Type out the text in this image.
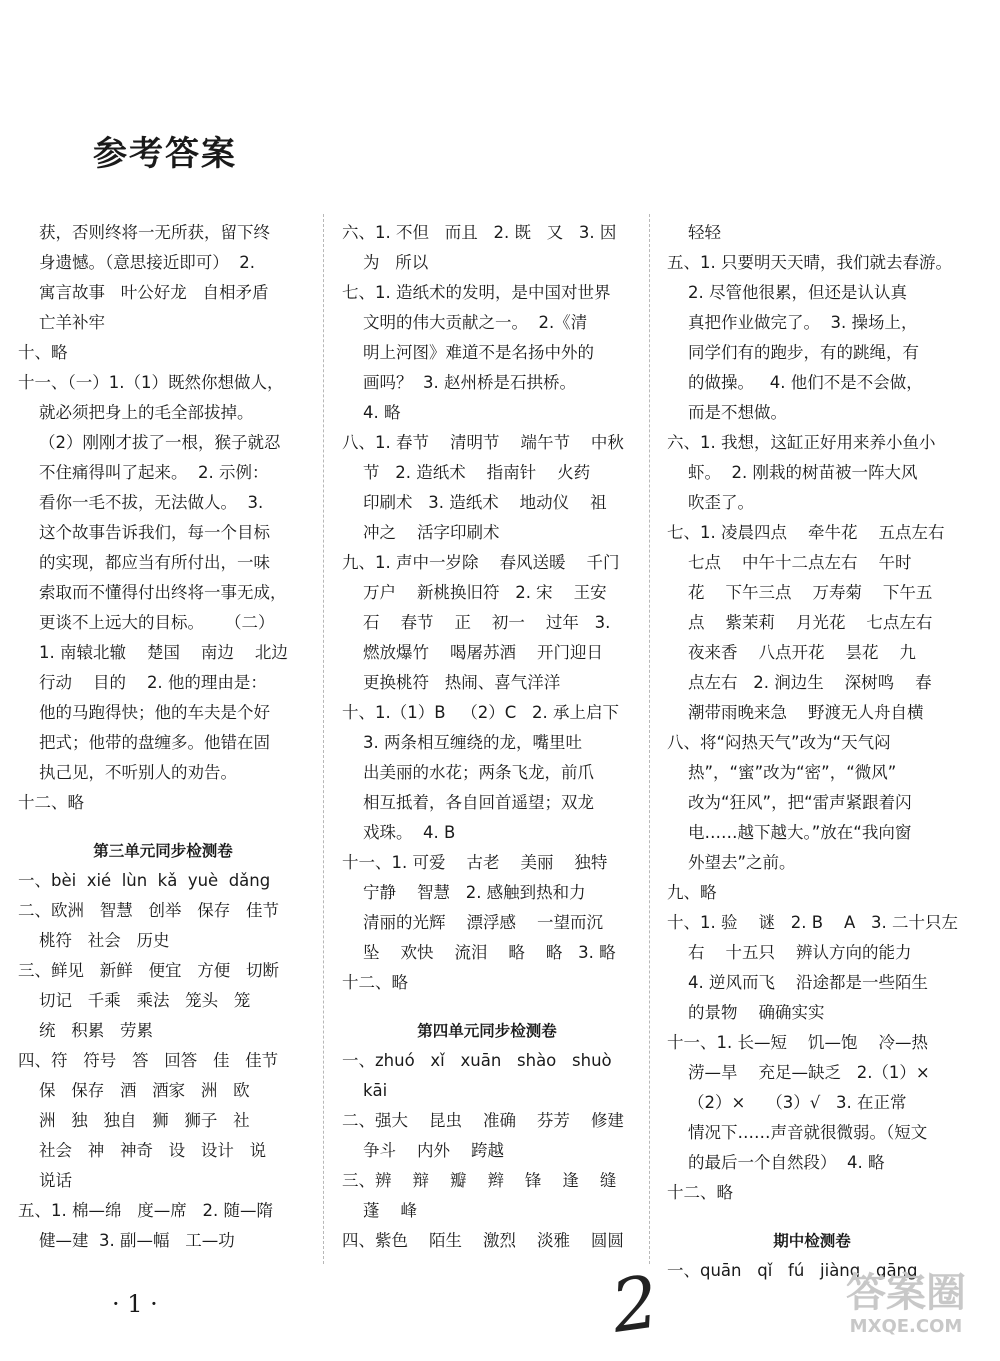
参考答案
获，否则终将一无所获，留下终
身遗憾。（意思接近即可）  2.
寓言故事   叶公好龙   自相矛盾
亡羊补牢
十、略
十一、（一）1.（1）既然你想做人，
就必须把身上的毛全部拔掉。
（2）刚刚才拔了一根，猴子就忍
不住痛得叫了起来。  2. 示例：
看你一毛不拔，无法做人。  3.
这个故事告诉我们，每一个目标
的实现，都应当有所付出，一味
索取而不懂得付出终将一事无成，
更谈不上远大的目标。    （二）
1. 南辕北辙    楚国    南边    北边
行动    目的    2. 他的理由是：
他的马跑得快；他的车夫是个好
把式；他带的盘缠多。他错在固
执己见，不听别人的劝告。
十二、略
第三单元同步检测卷
一、bèi  xié  lùn  kǎ  yuè  dǎng
二、欧洲   智慧   创举   保存   佳节
桃符   社会   历史
三、鲜见   新鲜   便宜   方便   切断
切记   千乘   乘法   笼头   笼
统   积累   劳累
四、符   符号   答   回答   佳   佳节
保   保存   酒   酒家   洲   欧
洲   独   独自   狮   狮子   社
社会   神   神奇   设   设计   说
说话
五、1. 棉—绵   度—席   2. 随—隋
健—建  3. 副—幅   工—功
六、1. 不但   而且   2. 既   又   3. 因
为   所以
七、1. 造纸术的发明，是中国对世界
文明的伟大贡献之一。  2.《清
明上河图》难道不是名扬中外的
画吗？  3. 赵州桥是石拱桥。
4. 略
八、1. 春节    清明节    端午节    中秋
节   2. 造纸术    指南针    火药
印刷术   3. 造纸术    地动仪    祖
冲之    活字印刷术
九、1. 声中一岁除    春风送暖    千门
万户    新桃换旧符   2. 宋    王安
石    春节    正    初一    过年   3.
燃放爆竹    喝屠苏酒    开门迎日
更换桃符   热闹、喜气洋洋
十、1.（1）B   （2）C   2. 承上启下
3. 两条相互缠绕的龙，嘴里吐
出美丽的水花；两条飞龙，前爪
相互抵着，各自回首遥望；双龙
戏珠。  4. B
十一、1. 可爱    古老    美丽    独特
宁静    智慧   2. 感触到热和力
清丽的光辉    漂浮感    一望而沉
坠    欢快    流泪    略    略   3. 略
十二、略
第四单元同步检测卷
一、zhuó   xǐ   xuān   shào   shuò
kāi
二、强大    昆虫    准确    芬芳    修建
争斗    内外    跨越
三、辨    辩    瓣    辫    锋    逢    缝
蓬    峰
四、紫色    陌生    激烈    淡雅    圆圆
轻轻
五、1. 只要明天天晴，我们就去春游。
2. 尽管他很累，但还是认认真
真把作业做完了。  3. 操场上，
同学们有的跑步，有的跳绳，有
的做操。   4. 他们不是不会做，
而是不想做。
六、1. 我想，这缸正好用来养小鱼小
虾。  2. 刚栽的树苗被一阵大风
吹歪了。
七、1. 凌晨四点    牵牛花    五点左右
七点    中午十二点左右    午时
花    下午三点    万寿菊    下午五
点    紫茉莉    月光花    七点左右
夜来香    八点开花    昙花    九
点左右   2. 涧边生    深树鸣    春
潮带雨晚来急    野渡无人舟自横
八、将“闷热天气”改为“天气闷
热”，“蜜”改为“密”，“微风”
改为“狂风”，把“雷声紧跟着闪
电……越下越大。”放在“我向窗
外望去”之前。
九、略
十、1. 验    谜   2. B    A   3. 二十只左
右    十五只    辨认方向的能力
4. 逆风而飞    沿途都是一些陌生
的景物    确确实实
十一、1. 长—短    饥—饱    冷—热
涝—旱    充足—缺乏   2.（1）×
（2）×    （3）√   3. 在正常
情况下……声音就很微弱。（短文
的最后一个自然段）  4. 略
十二、略
期中检测卷
一、quān   qǐ   fú   jiàng   gāng
· 1 ·	2	答案圈
MXQE.COM
